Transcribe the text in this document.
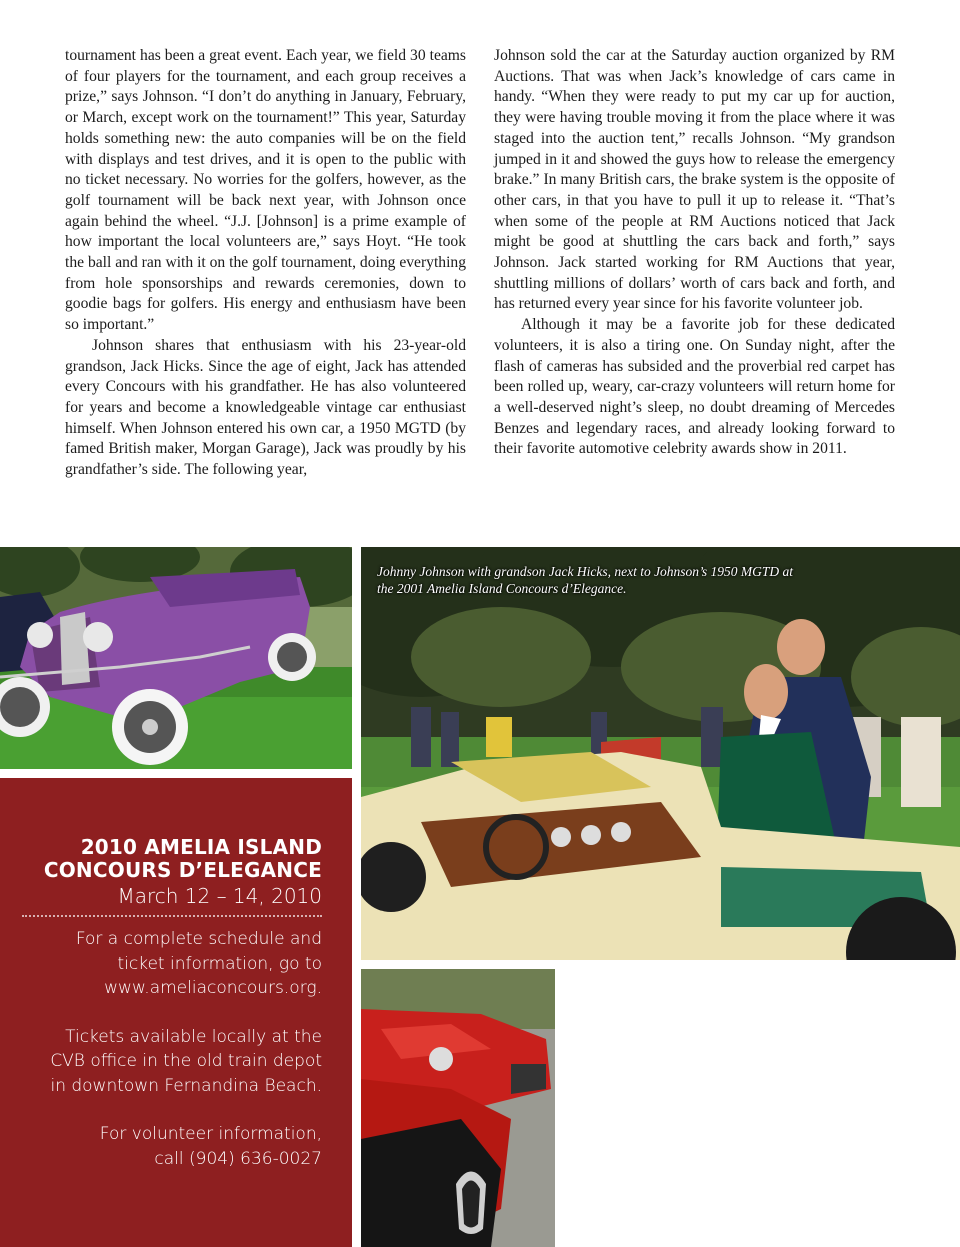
tournament has been a great event. Each year, we field 30 teams of four players for the tournament, and each group receives a prize,” says Johnson. “I don’t do anything in January, February, or March, except work on the tournament!” This year, Saturday holds something new: the auto companies will be on the field with displays and test drives, and it is open to the public with no ticket necessary. No worries for the golfers, however, as the golf tournament will be back next year, with Johnson once again behind the wheel. “J.J. [Johnson] is a prime example of how important the local volunteers are,” says Hoyt. “He took the ball and ran with it on the golf tournament, doing everything from hole sponsorships and rewards ceremonies, down to goodie bags for golfers. His energy and enthusiasm have been so important.”

Johnson shares that enthusiasm with his 23-year-old grandson, Jack Hicks. Since the age of eight, Jack has attended every Concours with his grandfather. He has also volunteered for years and become a knowledgeable vintage car enthusiast himself. When Johnson entered his own car, a 1950 MGTD (by famed British maker, Morgan Garage), Jack was proudly by his grandfather’s side. The following year,

Johnson sold the car at the Saturday auction organized by RM Auctions. That was when Jack’s knowledge of cars came in handy. “When they were ready to put my car up for auction, they were having trouble moving it from the place where it was staged into the auction tent,” recalls Johnson. “My grandson jumped in it and showed the guys how to release the emergency brake.” In many British cars, the brake system is the opposite of other cars, in that you have to pull it up to release it. “That’s when some of the people at RM Auctions noticed that Jack might be good at shuttling the cars back and forth,” says Johnson. Jack started working for RM Auctions that year, shuttling millions of dollars’ worth of cars back and forth, and has returned every year since for his favorite volunteer job.

Although it may be a favorite job for these dedicated volunteers, it is also a tiring one. On Sunday night, after the flash of cameras has subsided and the proverbial red carpet has been rolled up, weary, car-crazy volunteers will return home for a well-deserved night’s sleep, no doubt dreaming of Mercedes Benzes and legendary races, and already looking forward to their favorite automotive celebrity awards show in 2011.

Johnny Johnson with grandson Jack Hicks, next to Johnson’s 1950 MGTD at the 2001 Amelia Island Concours d’Elegance.
2010 AMELIA ISLAND
CONCOURS D’ELEGANCE
March 12 – 14, 2010

For a complete schedule and
ticket information, go to
www.ameliaconcours.org.

Tickets available locally at the
CVB office in the old train depot
in downtown Fernandina Beach.

For volunteer information,
call (904) 636-0027
